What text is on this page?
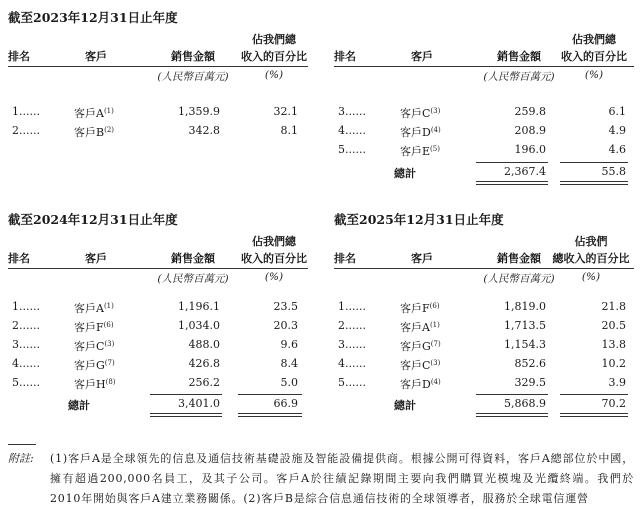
截至2023年12月31日止年度
排名	客戶	銷售金額
佔我們總
收入的百分比
(人民幣百萬元)	(%)
1......	客戶$A^{(1)}$	1,359.9	32.1
2......	客戶$B^{(2)}$	342.8	8.1
排名	客戶	銷售金額
佔我們總
收入的百分比
(人民幣百萬元)	(%)
3......	客戶$C^{(3)}$	259.8	6.1
4......	客戶$D^{(4)}$	208.9	4.9
5......	客戶$E^{(5)}$	196.0	4.6
總計	2,367.4	55.8
截至2024年12月31日止年度
排名	客戶	銷售金額
佔我們總
收入的百分比
(人民幣百萬元)	(%)
1......	客戶$A^{(1)}$	1,196.1	23.5
2......	客戶$F^{(6)}$	1,034.0	20.3
3......	客戶$C^{(3)}$	488.0	9.6
4......	客戶$G^{(7)}$	426.8	8.4
5......	客戶$H^{(8)}$	256.2	5.0
總計	3,401.0	66.9
截至2025年12月31日止年度
排名	客戶	銷售金額
佔我們
總收入的百分比
(人民幣百萬元)	(%)
1......	客戶$F^{(6)}$	1,819.0	21.8
2......	客戶$A^{(1)}$	1,713.5	20.5
3......	客戶$G^{(7)}$	1,154.3	13.8
4......	客戶$C^{(3)}$	852.6	10.2
5......	客戶$D^{(4)}$	329.5	3.9
總計	5,868.9	70.2
附註: (1)客戶A是全球領先的信息及通信技術基礎設施及智能設備提供商。根據公開可得資料，客戶A總部位於中國，擁有超過200,000名員工，及其子公司。客戶A於往績記錄期間主要向我們購買光模塊及光纜終端。我們於2010年開始與客戶A建立業務關係。(2)客戶B是綜合信息通信技術的全球領導者，服務於全球電信運營
